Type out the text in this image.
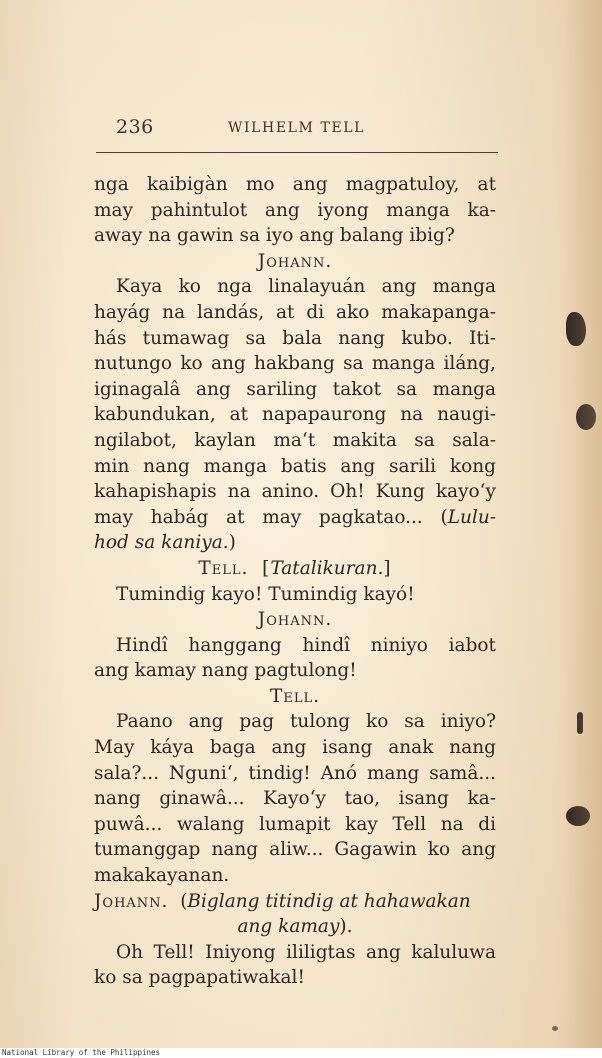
236	WILHELM TELL
nga kaibigàn mo ang magpatuloy, at
may pahintulot ang iyong manga ka-
away na gawin sa iyo ang balang ibig?
Johann.
Kaya ko nga linalayuán ang manga
hayág na landás, at di ako makapanga-
hás tumawag sa bala nang kubo. Iti-
nutungo ko ang hakbang sa manga iláng,
iginagalâ ang sariling takot sa manga
kabundukan, at napapaurong na naugi-
ngilabot, kaylan ma‘t makita sa sala-
min nang manga batis ang sarili kong
kahapishapis na anino. Oh! Kung kayo‘y
may habág at may pagkatao... (Lulu-
hod sa kaniya.)
Tell. [Tatalikuran.]
Tumindig kayo! Tumindig kayó!
Johann.
Hindî hanggang hindî niniyo iabot
ang kamay nang pagtulong!
Tell.
Paano ang pag tulong ko sa iniyo?
May káya baga ang isang anak nang
sala?... Nguni‘, tindig! Anó mang samâ...
nang ginawâ... Kayo‘y tao, isang ka-
puwâ... walang lumapit kay Tell na di
tumanggap nang aliw... Gagawin ko ang
makakayanan.
Johann. (Biglang titindig at hahawakan
ang kamay).
Oh Tell! Iniyong ililigtas ang kaluluwa
ko sa pagpapatiwakal!
National Library of the Philippines
